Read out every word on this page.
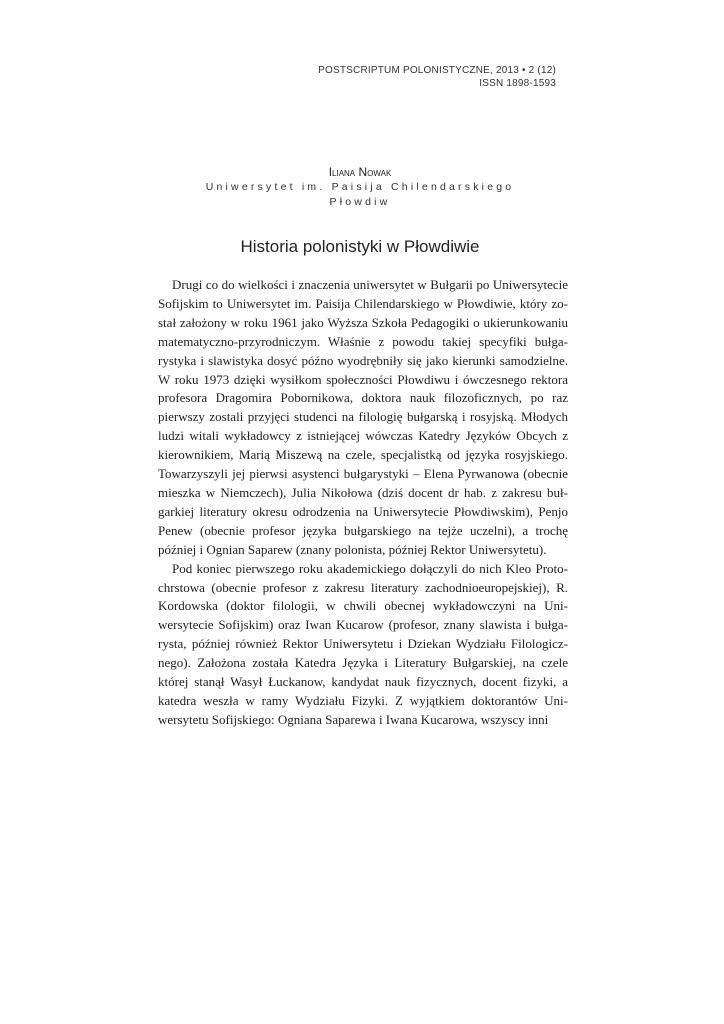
POSTSCRIPTUM POLONISTYCZNE, 2013 • 2 (12)
ISSN 1898-1593
Iliana Nowak
Uniwersytet im. Paisija Chilendarskiego
Płowdiw
Historia polonistyki w Płowdiwie

Drugi co do wielkości i znaczenia uniwersytet w Bułgarii po Uniwersytecie Sofijskim to Uniwersytet im. Paisija Chilendarskiego w Płowdiwie, który został założony w roku 1961 jako Wyższa Szkoła Pedagogiki o ukierunkowaniu matematyczno-przyrodniczym. Właśnie z powodu takiej specyfiki bułgarystyka i slawistyka dosyć późno wyodrębniły się jako kierunki samodzielne. W roku 1973 dzięki wysiłkom społeczności Płowdiwu i ówczesnego rektora profesora Dragomira Pobornikowa, doktora nauk filozoficznych, po raz pierwszy zostali przyjęci studenci na filologię bułgarską i rosyjską. Młodych ludzi witali wykładowcy z istniejącej wówczas Katedry Języków Obcych z kierownikiem, Marią Miszewą na czele, specjalistką od języka rosyjskiego. Towarzyszyli jej pierwsi asystenci bułgarystyki – Elena Pyrwanowa (obecnie mieszka w Niemczech), Julia Nikołowa (dziś docent dr hab. z zakresu bułgarkiej literatury okresu odrodzenia na Uniwersytecie Płowdiwskim), Penjo Penew (obecnie profesor języka bułgarskiego na tejże uczelni), a trochę później i Ognian Saparew (znany polonista, później Rektor Uniwersytetu).

Pod koniec pierwszego roku akademickiego dołączyli do nich Kleo Protochrstowa (obecnie profesor z zakresu literatury zachodnioeuropejskiej), R. Kordowska (doktor filologii, w chwili obecnej wykładowczyni na Uniwersytecie Sofijskim) oraz Iwan Kucarow (profesor, znany slawista i bułgarysta, później również Rektor Uniwersytetu i Dziekan Wydziału Filologicznego). Założona została Katedra Języka i Literatury Bułgarskiej, na czele której stanął Wasył Łuckanow, kandydat nauk fizycznych, docent fizyki, a katedra weszła w ramy Wydziału Fizyki. Z wyjątkiem doktorantów Uniwersytetu Sofijskiego: Ogniana Saparewa i Iwana Kucarowa, wszyscy inni
